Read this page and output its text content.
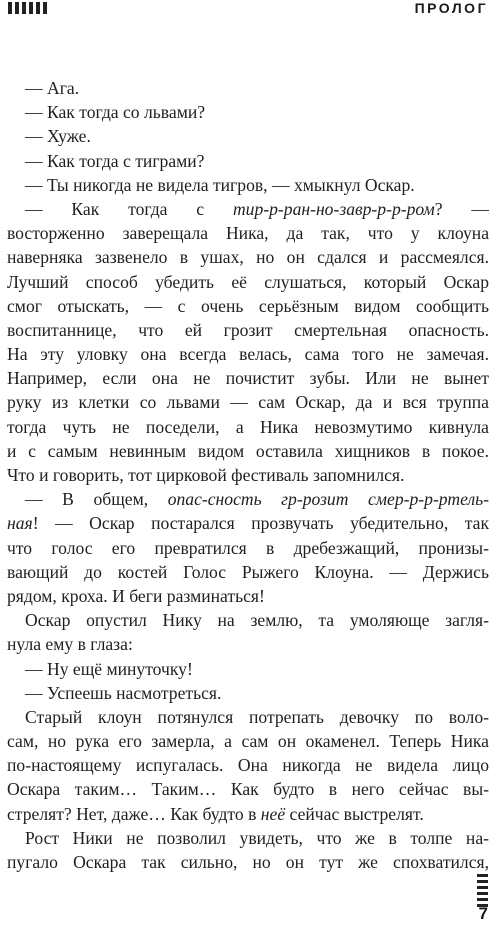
ПРОЛОГ
— Ага.
— Как тогда со львами?
— Хуже.
— Как тогда с тиграми?
— Ты никогда не видела тигров, — хмыкнул Оскар.
— Как тогда с тир-р-ран-но-завр-р-р-ром? —
восторженно заверещала Ника, да так, что у клоуна
наверняка зазвенело в ушах, но он сдался и рассмеялся.
Лучший способ убедить её слушаться, который Оскар
смог отыскать, — с очень серьёзным видом сообщить
воспитаннице, что ей грозит смертельная опасность.
На эту уловку она всегда велась, сама того не замечая.
Например, если она не почистит зубы. Или не вынет
руку из клетки со львами — сам Оскар, да и вся труппа
тогда чуть не поседели, а Ника невозмутимо кивнула
и с самым невинным видом оставила хищников в покое.
Что и говорить, тот цирковой фестиваль запомнился.
— В общем, опас-сность гр-розит смер-р-р-ртель-
ная! — Оскар постарался прозвучать убедительно, так
что голос его превратился в дребезжащий, пронизы-
вающий до костей Голос Рыжего Клоуна. — Держись
рядом, кроха. И беги разминаться!
Оскар опустил Нику на землю, та умоляюще загля-
нула ему в глаза:
— Ну ещё минуточку!
— Успеешь насмотреться.
Старый клоун потянулся потрепать девочку по воло-
сам, но рука его замерла, а сам он окаменел. Теперь Ника
по-настоящему испугалась. Она никогда не видела лицо
Оскара таким… Таким… Как будто в него сейчас вы-
стрелят? Нет, даже… Как будто в неё сейчас выстрелят.
Рост Ники не позволил увидеть, что же в толпе на-
пугало Оскара так сильно, но он тут же спохватился,
7
